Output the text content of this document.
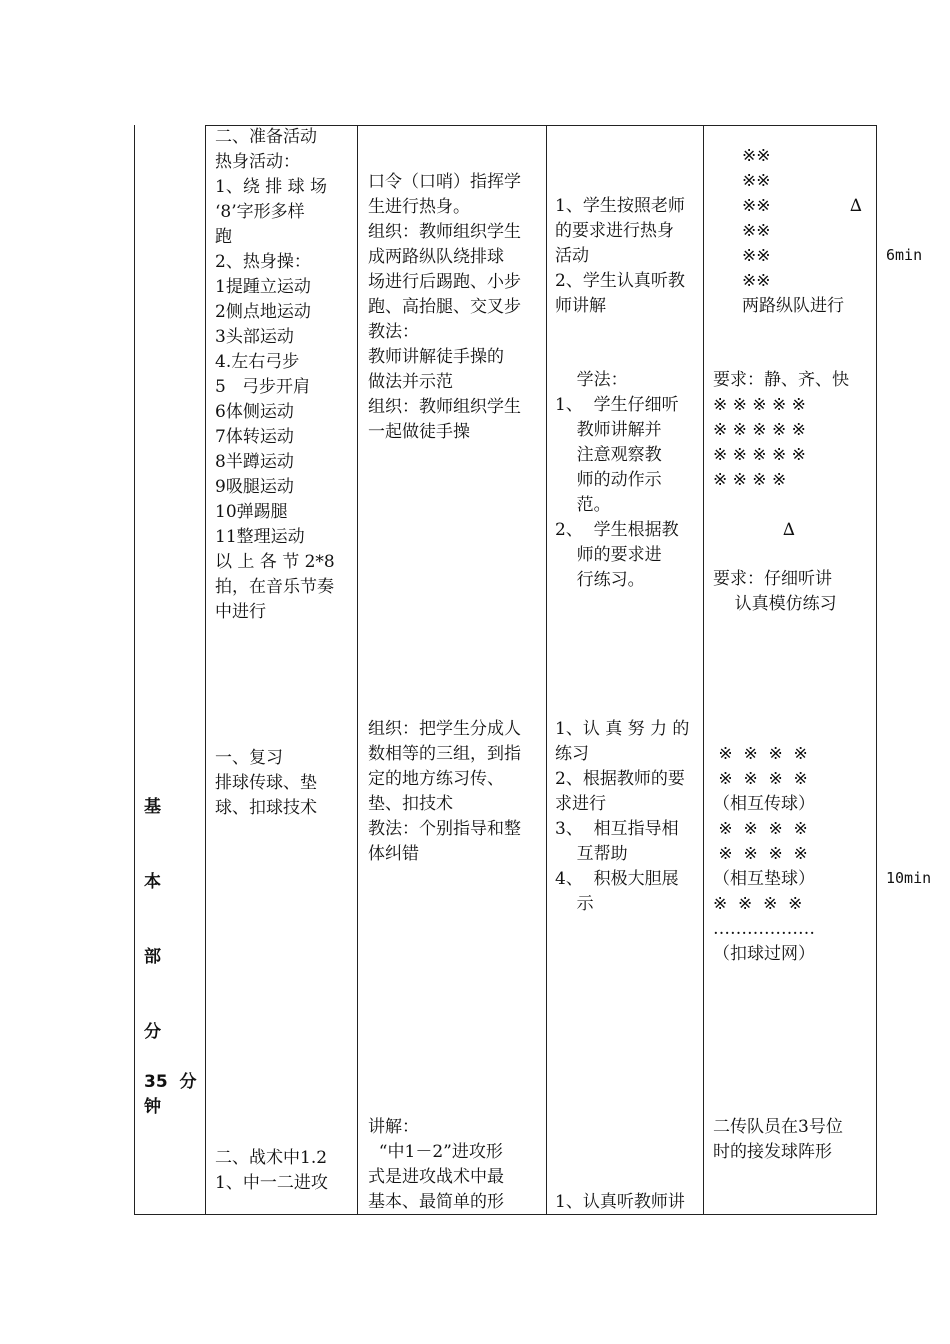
基
本
部
分
35  分
钟
二、准备活动
热身活动：
1、绕 排 球 场
‘8’字形多样
跑
2、热身操：
1提踵立运动
2侧点地运动
3头部运动
4.左右弓步
5   弓步开肩
6体侧运动
7体转运动
8半蹲运动
9吸腿运动
10弹踢腿
11整理运动
以 上 各 节 2*8
拍，在音乐节奏
中进行
口令（口哨）指挥学
生进行热身。
组织：教师组织学生
成两路纵队绕排球
场进行后踢跑、小步
跑、高抬腿、交叉步
教法：
教师讲解徒手操的
做法并示范
组织：教师组织学生
一起做徒手操
1、学生按照老师
的要求进行热身
活动
2、学生认真听教
师讲解
学法：
1、  学生仔细听
教师讲解并
注意观察教
师的动作示
范。
2、  学生根据教
师的要求进
行练习。
※※
※※
※※
※※
※※
※※
两路纵队进行
∆
要求：静、齐、快
※ ※ ※ ※ ※
※ ※ ※ ※ ※
※ ※ ※ ※ ※
※ ※ ※ ※
∆
要求：仔细听讲
认真模仿练习
6min
一、复习
排球传球、垫
球、扣球技术
组织：把学生分成人
数相等的三组，到指
定的地方练习传、
垫、扣技术
教法：个别指导和整
体纠错
1、认 真 努 力 的
练习
2、根据教师的要
求进行
3、  相互指导相
互帮助
4、  积极大胆展
示
※  ※  ※  ※
※  ※  ※  ※
（相互传球）
※  ※  ※  ※
※  ※  ※  ※
（相互垫球）
※  ※  ※  ※
………………
（扣球过网）
10min
二、战术中1.2
1、中一二进攻
讲解：
“中1－2”进攻形
式是进攻战术中最
基本、最简单的形	1、认真听教师讲
二传队员在3号位
时的接发球阵形
